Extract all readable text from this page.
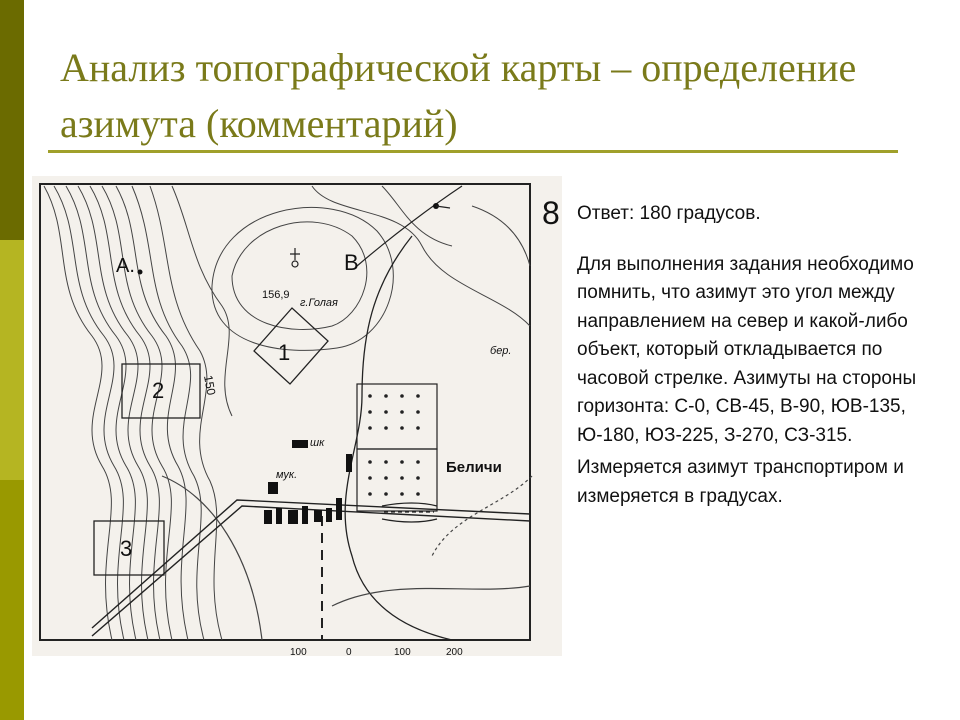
Анализ топографической карты – определение азимута (комментарий)
8
А.	В
156,9
г.Голая
150
бер.
шк
мук.	Беличи
1
2
3
100	0	100	200

Ответ: 180 градусов.

Для выполнения задания необходимо помнить, что азимут это угол между направлением на север и какой-либо объект, который откладывается по часовой стрелке. Азимуты на стороны горизонта: С-0, СВ-45, В-90, ЮВ-135, Ю-180, ЮЗ-225, З-270, СЗ-315.

Измеряется азимут транспортиром и измеряется в градусах.
